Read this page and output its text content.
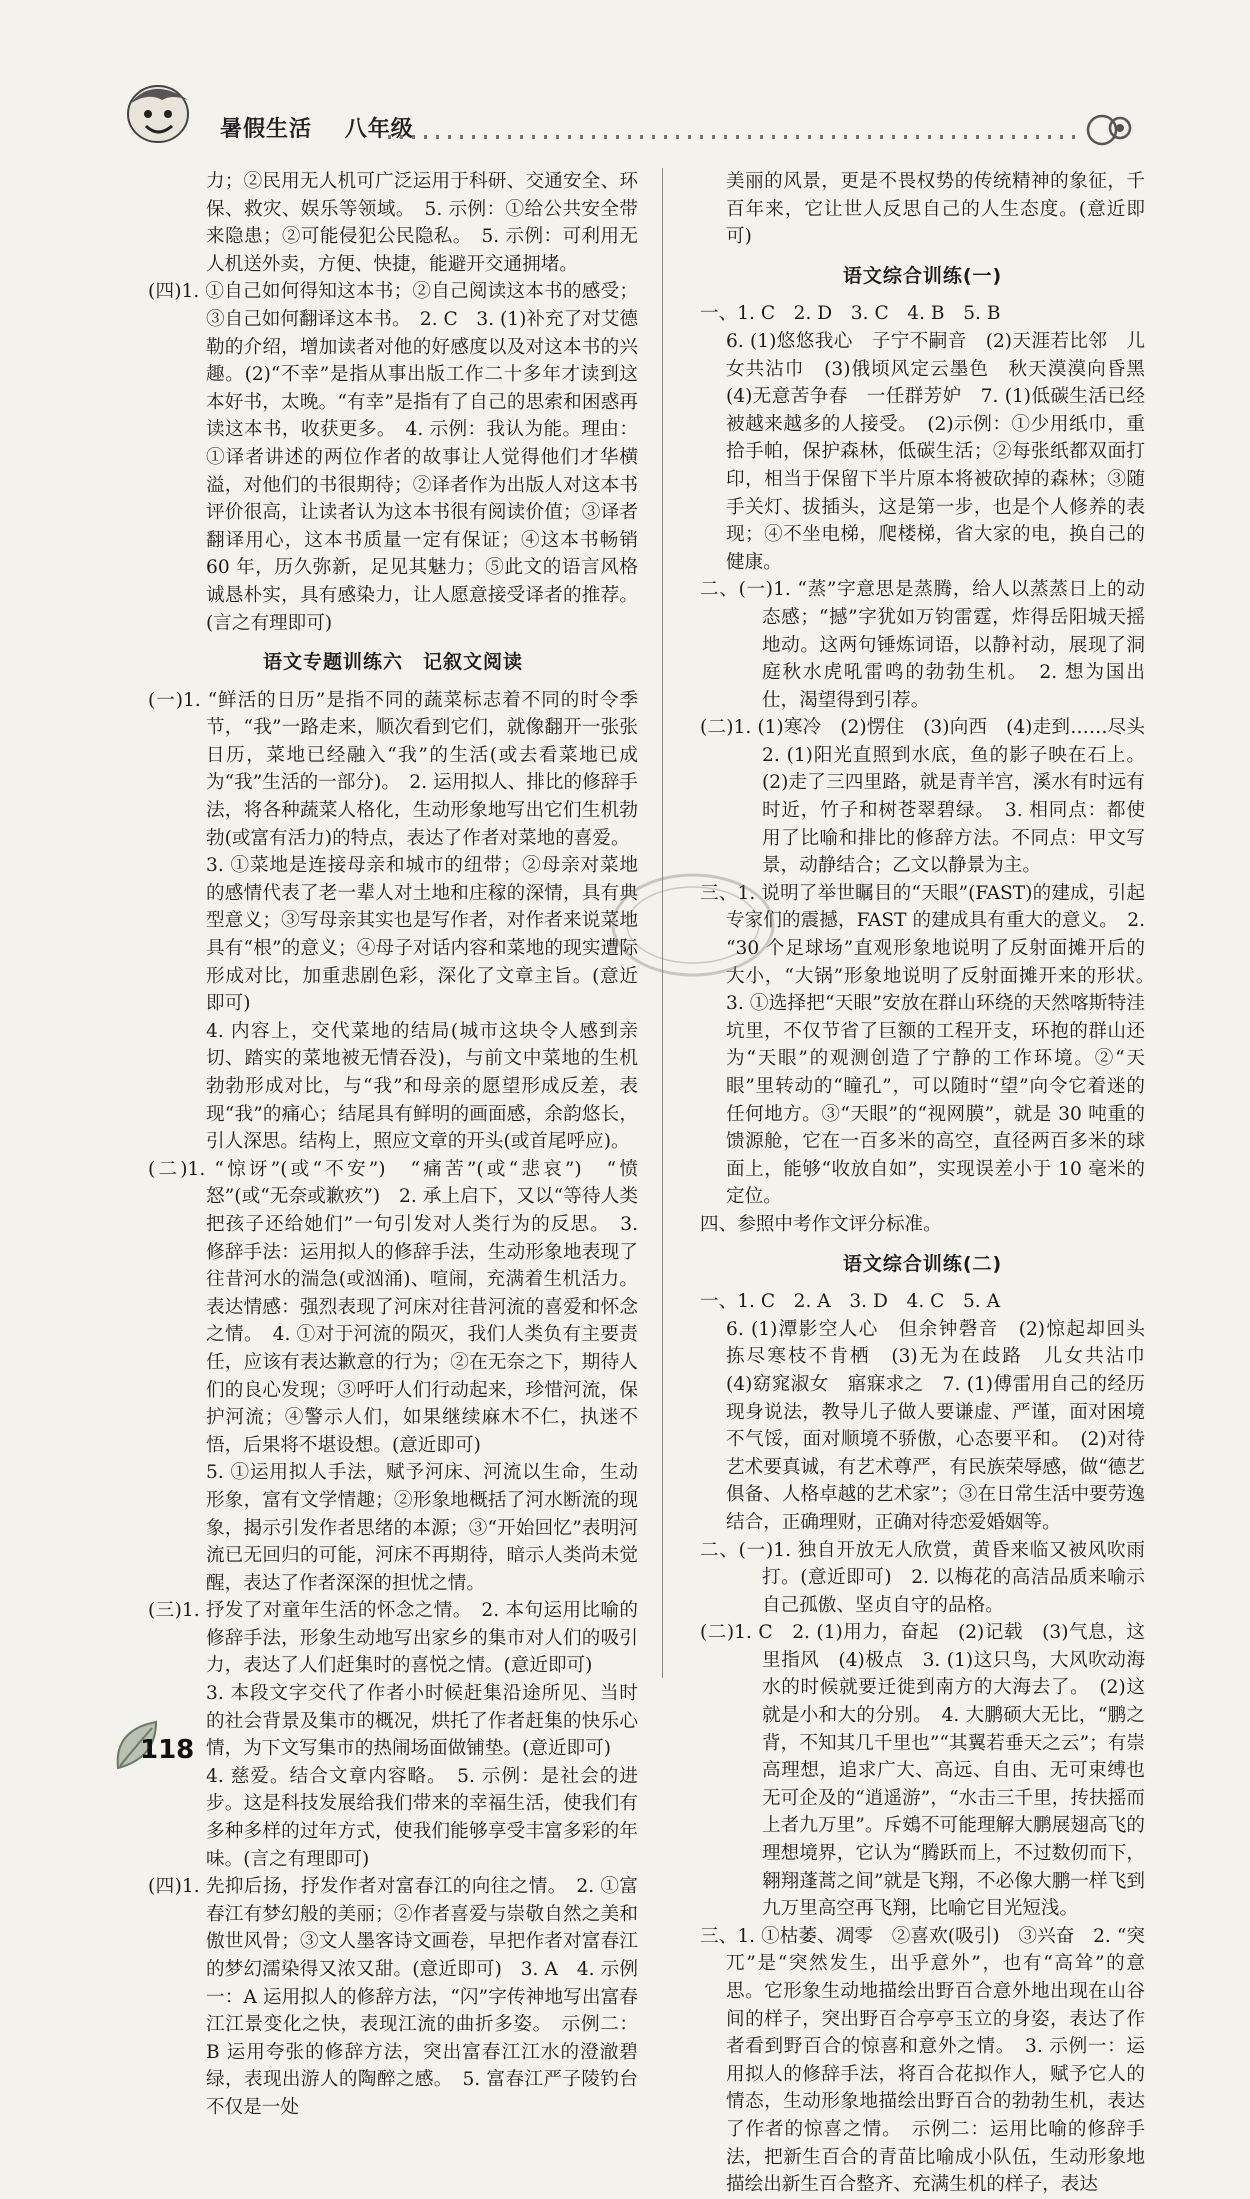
暑假生活 八年级

力；②民用无人机可广泛运用于科研、交通安全、环保、救灾、娱乐等领域。　5. 示例：①给公共安全带来隐患；②可能侵犯公民隐私。　5. 示例：可利用无人机送外卖，方便、快捷，能避开交通拥堵。

(四)1. ①自己如何得知这本书；②自己阅读这本书的感受；③自己如何翻译这本书。　2. C　3. (1)补充了对艾德勒的介绍，增加读者对他的好感度以及对这本书的兴趣。(2)“不幸”是指从事出版工作二十多年才读到这本好书，太晚。“有幸”是指有了自己的思索和困惑再读这本书，收获更多。　4. 示例：我认为能。理由：①译者讲述的两位作者的故事让人觉得他们才华横溢，对他们的书很期待；②译者作为出版人对这本书评价很高，让读者认为这本书很有阅读价值；③译者翻译用心，这本书质量一定有保证；④这本书畅销 60 年，历久弥新，足见其魅力；⑤此文的语言风格诚恳朴实，具有感染力，让人愿意接受译者的推荐。(言之有理即可)

语文专题训练六　记叙文阅读

(一)1. “鲜活的日历”是指不同的蔬菜标志着不同的时令季节，“我”一路走来，顺次看到它们，就像翻开一张张日历，菜地已经融入“我”的生活(或去看菜地已成为“我”生活的一部分)。　2. 运用拟人、排比的修辞手法，将各种蔬菜人格化，生动形象地写出它们生机勃勃(或富有活力)的特点，表达了作者对菜地的喜爱。

3. ①菜地是连接母亲和城市的纽带；②母亲对菜地的感情代表了老一辈人对土地和庄稼的深情，具有典型意义；③写母亲其实也是写作者，对作者来说菜地具有“根”的意义；④母子对话内容和菜地的现实遭际形成对比，加重悲剧色彩，深化了文章主旨。(意近即可)

4. 内容上，交代菜地的结局(城市这块令人感到亲切、踏实的菜地被无情吞没)，与前文中菜地的生机勃勃形成对比，与“我”和母亲的愿望形成反差，表现“我”的痛心；结尾具有鲜明的画面感，余韵悠长，引人深思。结构上，照应文章的开头(或首尾呼应)。

(二)1. “惊讶”(或“不安”)　“痛苦”(或“悲哀”)　“愤怒”(或“无奈或歉疚”)　2. 承上启下，又以“等待人类把孩子还给她们”一句引发对人类行为的反思。　3. 修辞手法：运用拟人的修辞手法，生动形象地表现了往昔河水的湍急(或汹涌)、喧闹，充满着生机活力。表达情感：强烈表现了河床对往昔河流的喜爱和怀念之情。　4. ①对于河流的陨灭，我们人类负有主要责任，应该有表达歉意的行为；②在无奈之下，期待人们的良心发现；③呼吁人们行动起来，珍惜河流，保护河流；④警示人们，如果继续麻木不仁，执迷不悟，后果将不堪设想。(意近即可)

5. ①运用拟人手法，赋予河床、河流以生命，生动形象，富有文学情趣；②形象地概括了河水断流的现象，揭示引发作者思绪的本源；③“开始回忆”表明河流已无回归的可能，河床不再期待，暗示人类尚未觉醒，表达了作者深深的担忧之情。

(三)1. 抒发了对童年生活的怀念之情。　2. 本句运用比喻的修辞手法，形象生动地写出家乡的集市对人们的吸引力，表达了人们赶集时的喜悦之情。(意近即可)

3. 本段文字交代了作者小时候赶集沿途所见、当时的社会背景及集市的概况，烘托了作者赶集的快乐心情，为下文写集市的热闹场面做铺垫。(意近即可)

4. 慈爱。结合文章内容略。　5. 示例：是社会的进步。这是科技发展给我们带来的幸福生活，使我们有多种多样的过年方式，使我们能够享受丰富多彩的年味。(言之有理即可)

(四)1. 先抑后扬，抒发作者对富春江的向往之情。　2. ①富春江有梦幻般的美丽；②作者喜爱与崇敬自然之美和傲世风骨；③文人墨客诗文画卷，早把作者对富春江的梦幻濡染得又浓又甜。(意近即可)　3. A　4. 示例一：A 运用拟人的修辞方法，“闪”字传神地写出富春江江景变化之快，表现江流的曲折多姿。　示例二：B 运用夸张的修辞方法，突出富春江江水的澄澈碧绿，表现出游人的陶醉之感。　5. 富春江严子陵钓台不仅是一处

美丽的风景，更是不畏权势的传统精神的象征，千百年来，它让世人反思自己的人生态度。(意近即可)

语文综合训练(一)

一、1. C　2. D　3. C　4. B　5. B

6. (1)悠悠我心　子宁不嗣音　(2)天涯若比邻　儿女共沾巾　(3)俄顷风定云墨色　秋天漠漠向昏黑　(4)无意苦争春　一任群芳妒　7. (1)低碳生活已经被越来越多的人接受。　(2)示例：①少用纸巾，重拾手帕，保护森林，低碳生活；②每张纸都双面打印，相当于保留下半片原本将被砍掉的森林；③随手关灯、拔插头，这是第一步，也是个人修养的表现；④不坐电梯，爬楼梯，省大家的电，换自己的健康。

二、(一)1. “蒸”字意思是蒸腾，给人以蒸蒸日上的动态感；“撼”字犹如万钧雷霆，炸得岳阳城天摇地动。这两句锤炼词语，以静衬动，展现了洞庭秋水虎吼雷鸣的勃勃生机。　2. 想为国出仕，渴望得到引荐。

(二)1. (1)寒冷　(2)愣住　(3)向西　(4)走到……尽头　2. (1)阳光直照到水底，鱼的影子映在石上。(2)走了三四里路，就是青羊宫，溪水有时远有时近，竹子和树苍翠碧绿。　3. 相同点：都使用了比喻和排比的修辞方法。不同点：甲文写景，动静结合；乙文以静景为主。

三、1. 说明了举世瞩目的“天眼”(FAST)的建成，引起专家们的震撼，FAST 的建成具有重大的意义。　2. “30 个足球场”直观形象地说明了反射面摊开后的大小，“大锅”形象地说明了反射面摊开来的形状。　3. ①选择把“天眼”安放在群山环绕的天然喀斯特洼坑里，不仅节省了巨额的工程开支，环抱的群山还为“天眼”的观测创造了宁静的工作环境。②“天眼”里转动的“瞳孔”，可以随时“望”向令它着迷的任何地方。③“天眼”的“视网膜”，就是 30 吨重的馈源舱，它在一百多米的高空，直径两百多米的球面上，能够“收放自如”，实现误差小于 10 毫米的定位。

四、参照中考作文评分标准。

语文综合训练(二)

一、1. C　2. A　3. D　4. C　5. A

6. (1)潭影空人心　但余钟磬音　(2)惊起却回头　拣尽寒枝不肯栖　(3)无为在歧路　儿女共沾巾　(4)窈窕淑女　寤寐求之　7. (1)傅雷用自己的经历现身说法，教导儿子做人要谦虚、严谨，面对困境不气馁，面对顺境不骄傲，心态要平和。　(2)对待艺术要真诚，有艺术尊严，有民族荣辱感，做“德艺俱备、人格卓越的艺术家”；③在日常生活中要劳逸结合，正确理财，正确对待恋爱婚姻等。

二、(一)1. 独自开放无人欣赏，黄昏来临又被风吹雨打。(意近即可)　2. 以梅花的高洁品质来喻示自己孤傲、坚贞自守的品格。

(二)1. C　2. (1)用力，奋起　(2)记载　(3)气息，这里指风　(4)极点　3. (1)这只鸟，大风吹动海水的时候就要迁徙到南方的大海去了。　(2)这就是小和大的分别。　4. 大鹏硕大无比，“鹏之背，不知其几千里也”“其翼若垂天之云”；有崇高理想，追求广大、高远、自由、无可束缚也无可企及的“逍遥游”，“水击三千里，抟扶摇而上者九万里”。斥鴳不可能理解大鹏展翅高飞的理想境界，它认为“腾跃而上，不过数仞而下，翱翔蓬蒿之间”就是飞翔，不必像大鹏一样飞到九万里高空再飞翔，比喻它目光短浅。

三、1. ①枯萎、凋零　②喜欢(吸引)　③兴奋　2. “突兀”是“突然发生，出乎意外”，也有“高耸”的意思。它形象生动地描绘出野百合意外地出现在山谷间的样子，突出野百合亭亭玉立的身姿，表达了作者看到野百合的惊喜和意外之情。　3. 示例一：运用拟人的修辞手法，将百合花拟作人，赋予它人的情态，生动形象地描绘出野百合的勃勃生机，表达了作者的惊喜之情。　示例二：运用比喻的修辞手法，把新生百合的青苗比喻成小队伍，生动形象地描绘出新生百合整齐、充满生机的样子，表达

118
